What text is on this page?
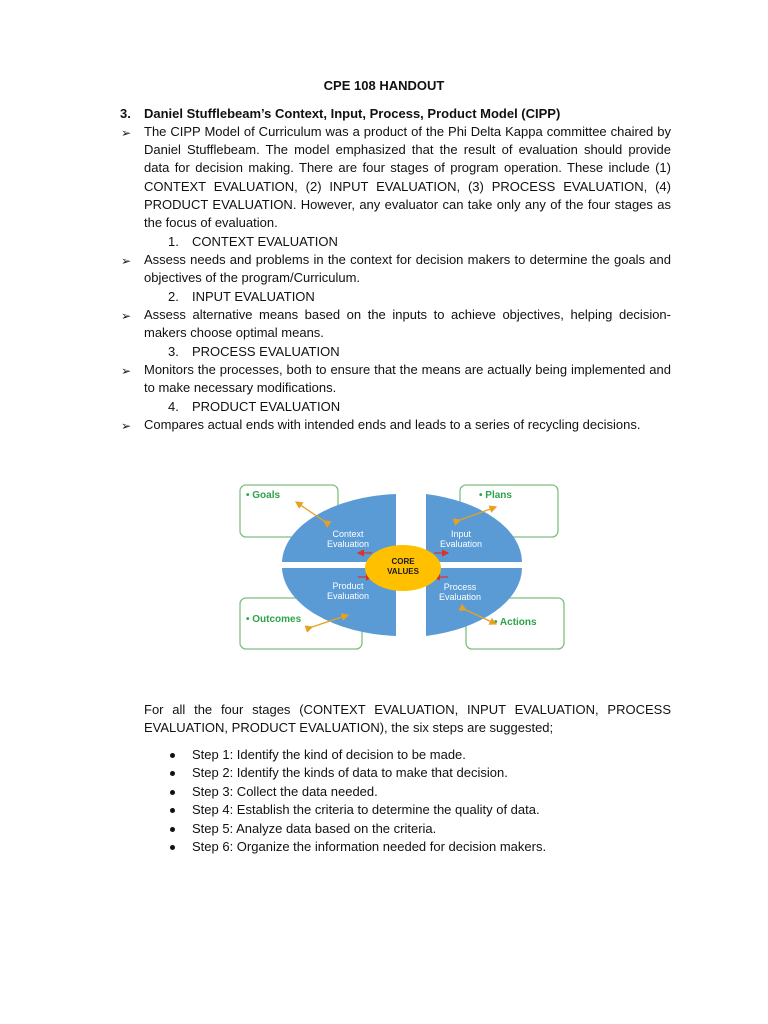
CPE 108 HANDOUT
3. Daniel Stufflebeam’s Context, Input, Process, Product Model (CIPP)
➢ The CIPP Model of Curriculum was a product of the Phi Delta Kappa committee chaired by Daniel Stufflebeam. The model emphasized that the result of evaluation should provide data for decision making. There are four stages of program operation. These include (1) CONTEXT EVALUATION, (2) INPUT EVALUATION, (3) PROCESS EVALUATION, (4) PRODUCT EVALUATION. However, any evaluator can take only any of the four stages as the focus of evaluation.
1. CONTEXT EVALUATION
➢ Assess needs and problems in the context for decision makers to determine the goals and objectives of the program/Curriculum.
2. INPUT EVALUATION
➢ Assess alternative means based on the inputs to achieve objectives, helping decision-makers choose optimal means.
3. PROCESS EVALUATION
➢ Monitors the processes, both to ensure that the means are actually being implemented and to make necessary modifications.
4. PRODUCT EVALUATION
➢ Compares actual ends with intended ends and leads to a series of recycling decisions.
• Goals	• Plans
• Outcomes	• Actions
Context
Evaluation
Input
Evaluation
Product
Evaluation
Process
Evaluation
CORE
VALUES
For all the four stages (CONTEXT EVALUATION, INPUT EVALUATION, PROCESS EVALUATION, PRODUCT EVALUATION), the six steps are suggested;
Step 1: Identify the kind of decision to be made.
Step 2: Identify the kinds of data to make that decision.
Step 3: Collect the data needed.
Step 4: Establish the criteria to determine the quality of data.
Step 5: Analyze data based on the criteria.
Step 6: Organize the information needed for decision makers.
